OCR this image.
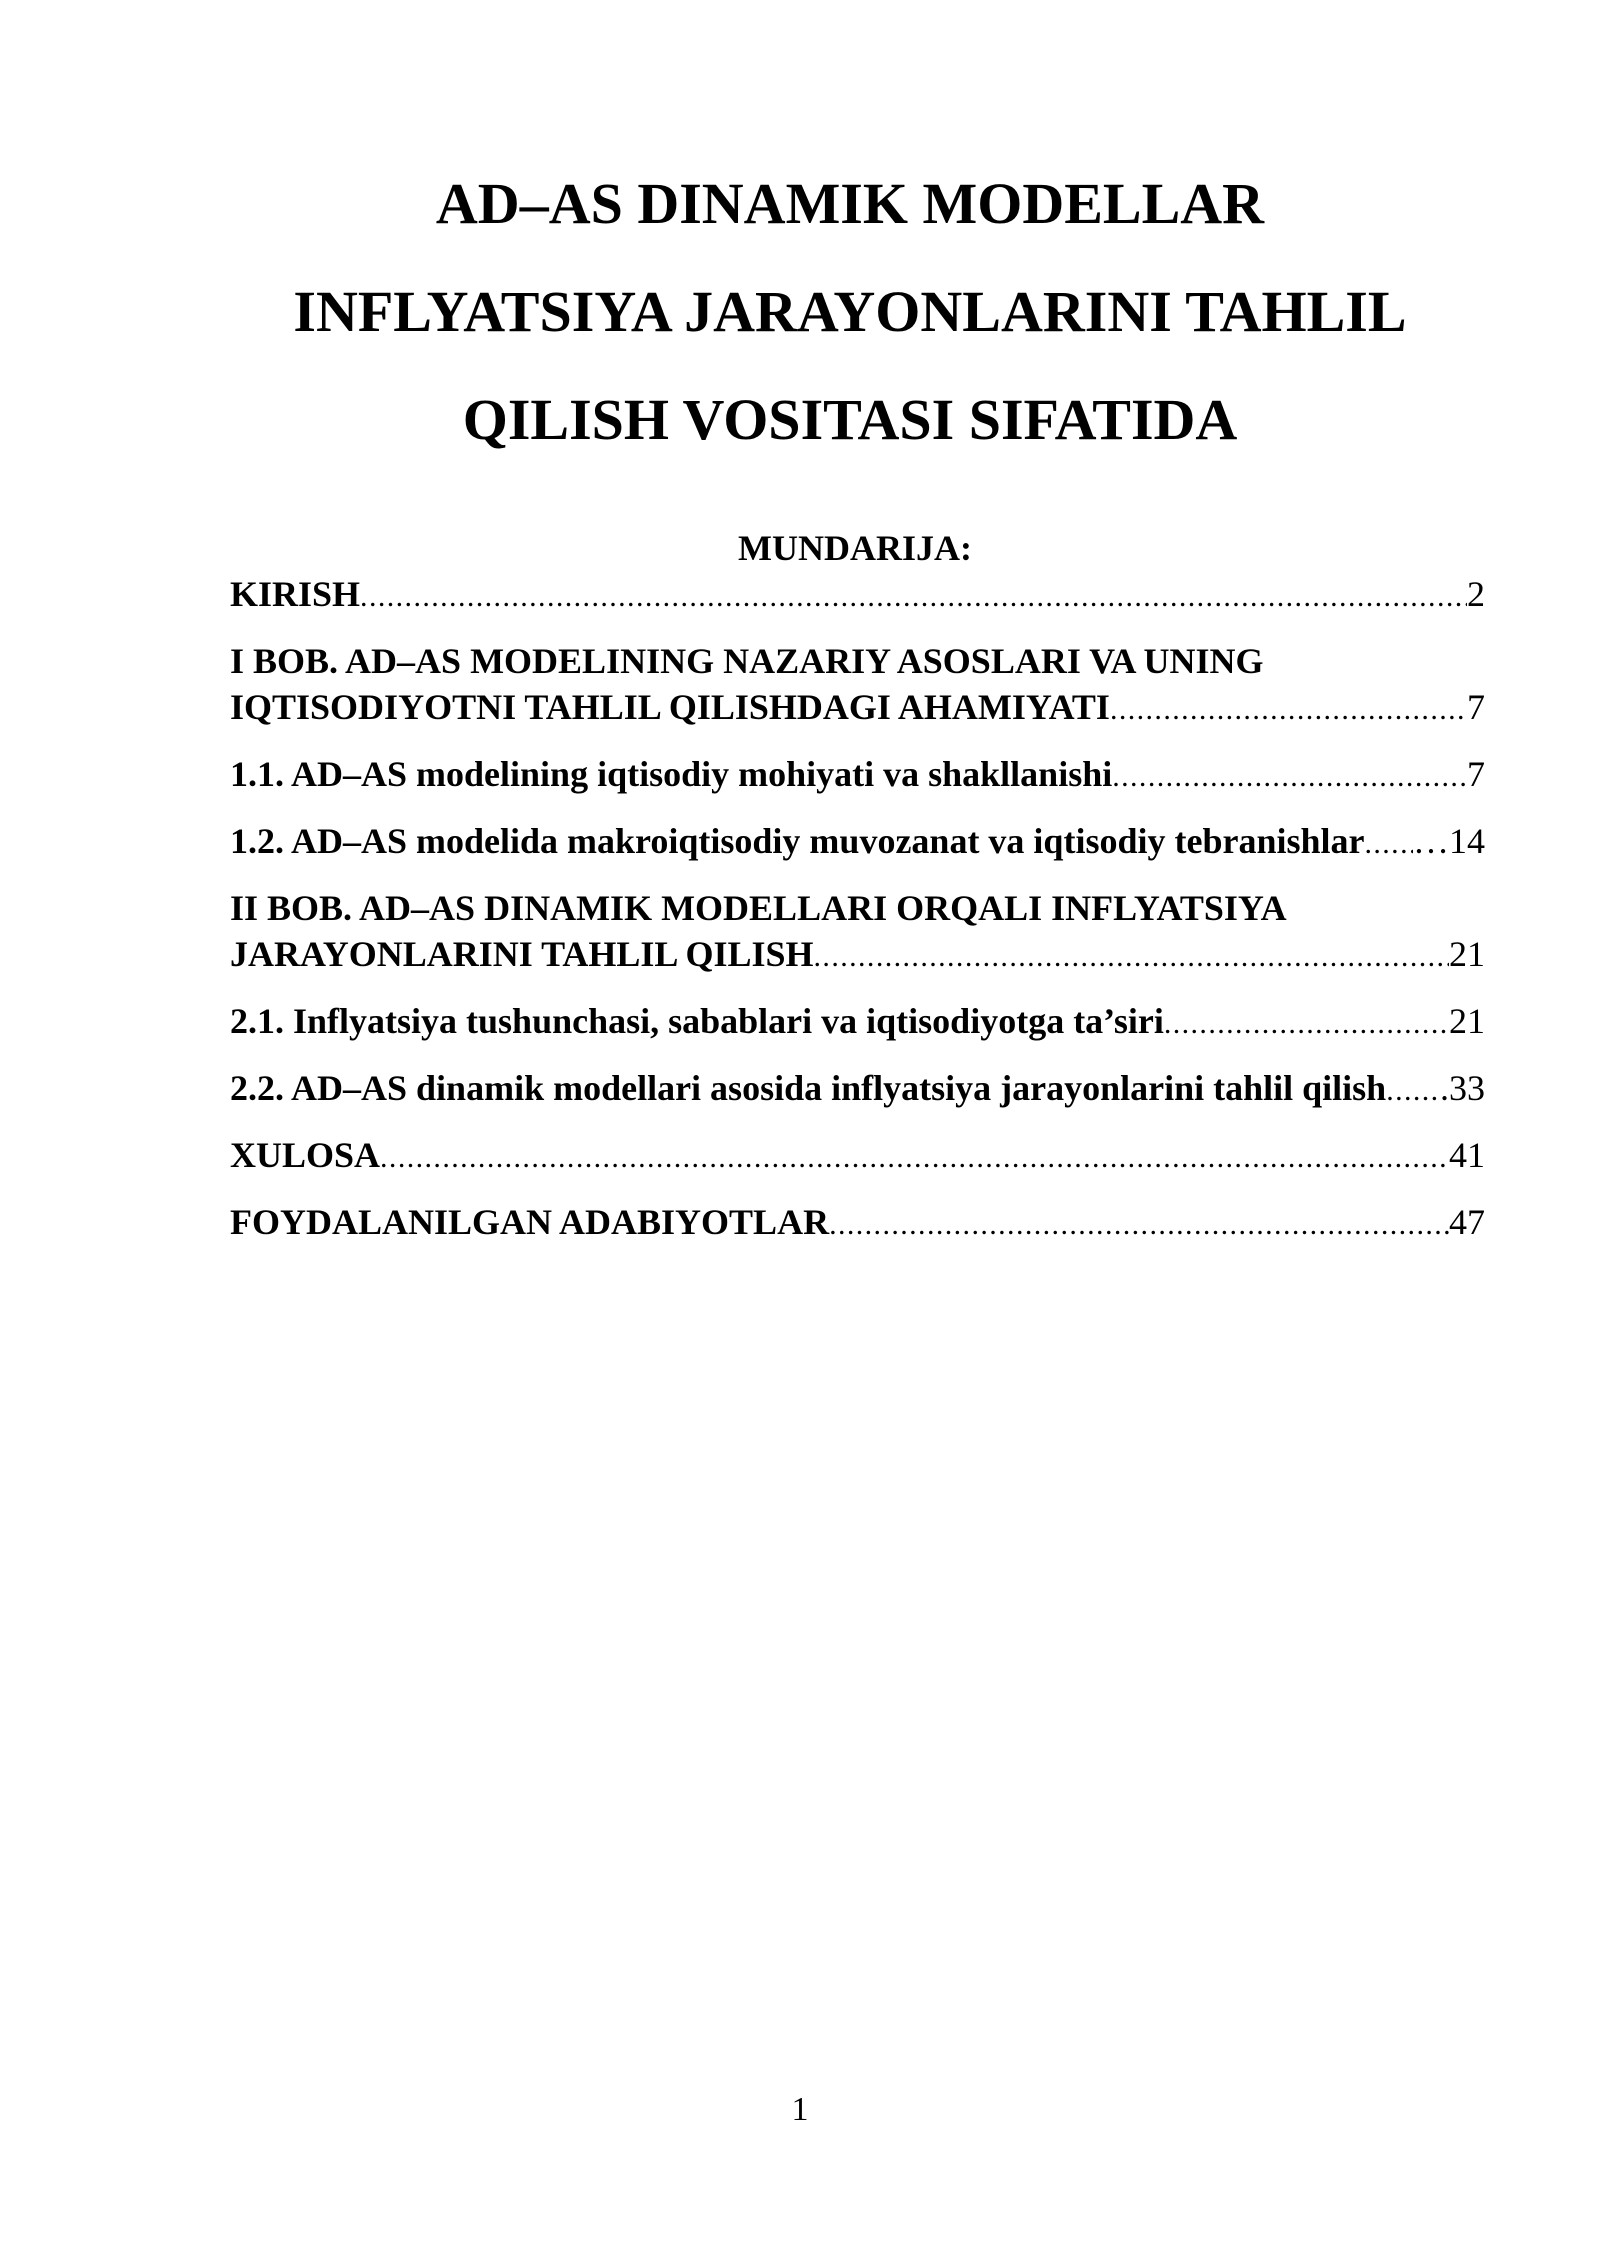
AD–AS DINAMIK MODELLAR
INFLYATSIYA JARAYONLARINI TAHLIL
QILISH VOSITASI SIFATIDA
MUNDARIJA:
KIRISH .....	2
I BOB. AD–AS MODELINING NAZARIY ASOSLARI VA UNING
IQTISODIYOTNI TAHLIL QILISHDAGI AHAMIYATI .....	7
1.1. AD–AS modelining iqtisodiy mohiyati va shakllanishi .....	7
1.2. AD–AS modelida makroiqtisodiy muvozanat va iqtisodiy tebranishlar ..... …14
II BOB. AD–AS DINAMIK MODELLARI ORQALI INFLYATSIYA
JARAYONLARINI TAHLIL QILISH .....	21
2.1. Inflyatsiya tushunchasi, sabablari va iqtisodiyotga ta’siri .....	21
2.2. AD–AS dinamik modellari asosida inflyatsiya jarayonlarini tahlil qilish ..... .33
XULOSA .....	41
FOYDALANILGAN ADABIYOTLAR .....	47
1
